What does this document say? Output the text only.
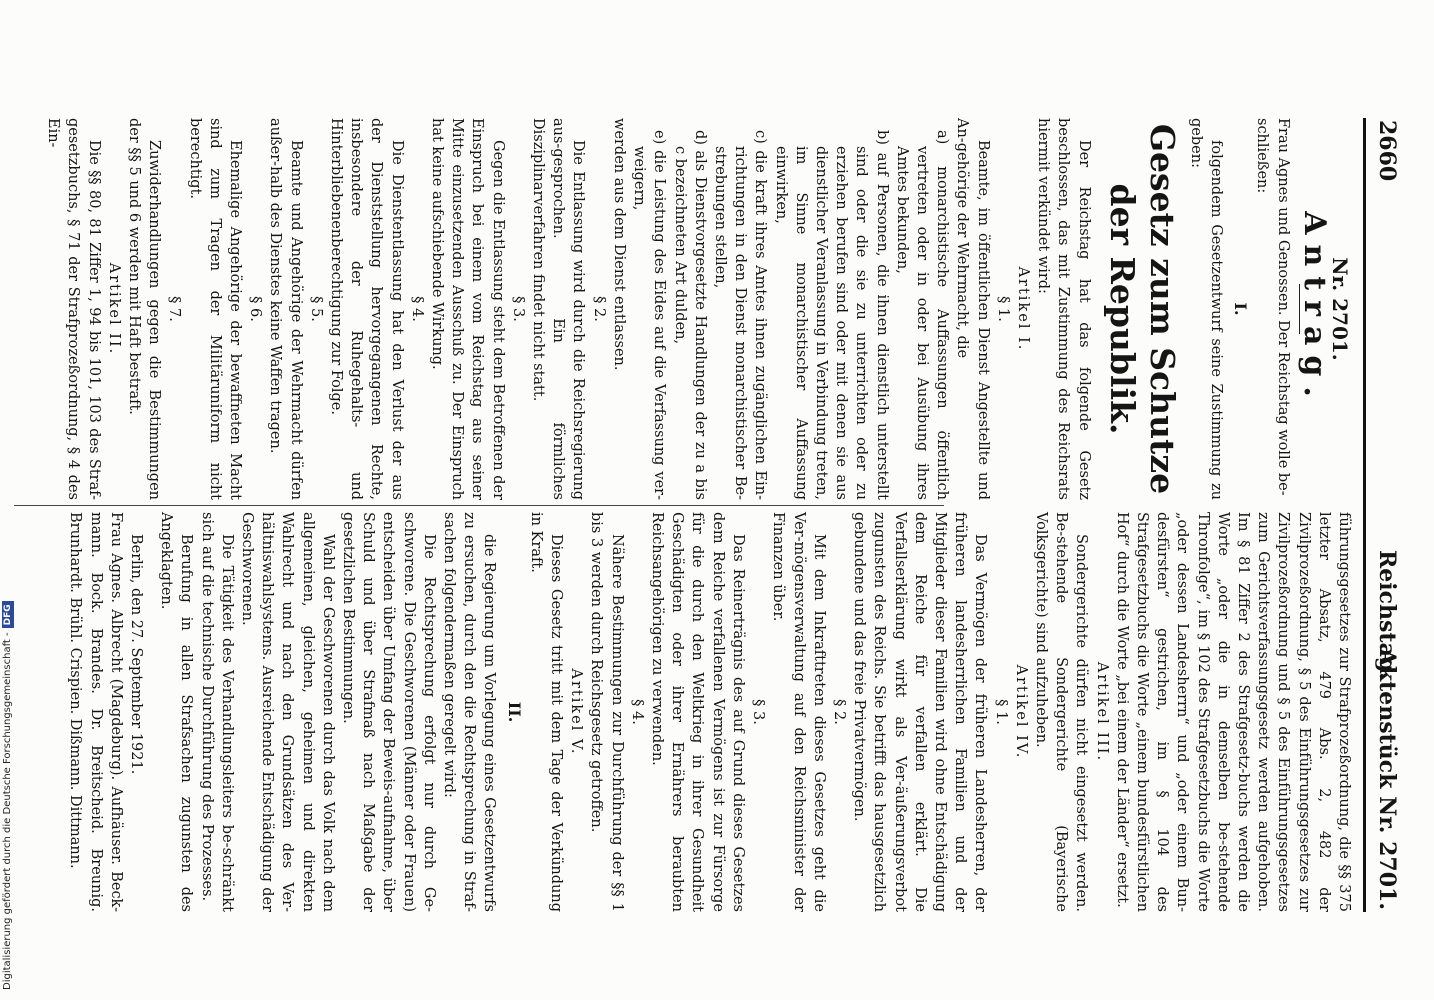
2660
Reichstag.
Aktenstück Nr. 2701.
Nr. 2701.
Antrag.

Frau Agnes und Genossen. Der Reichstag wolle be-

schließen:

I.

folgendem Gesetzentwurf seine Zustimmung zu geben:

Gesetz zum Schutze der Republik.

Der Reichstag hat das folgende Gesetz beschlossen, das mit Zustimmung des Reichsrats hiermit verkündet wird:

Artikel I.

§ 1.

Beamte, im öffentlichen Dienst Angestellte und An-gehörige der Wehrmacht, die

a) monarchistische Auffassungen öffentlich vertreten oder in oder bei Ausübung ihres Amtes bekunden,

b) auf Personen, die ihnen dienstlich unterstellt sind oder die sie zu unterrichten oder zu erziehen berufen sind oder mit denen sie aus dienstlicher Veranlassung in Verbindung treten, im Sinne monarchistischer Auffassung einwirken,

c) die kraft ihres Amtes ihnen zugänglichen Ein-richtungen in den Dienst monarchistischer Be-strebungen stellen,

d) als Dienstvorgesetzte Handlungen der zu a bis c bezeichneten Art dulden,

e) die Leistung des Eides auf die Verfassung ver-weigern,

werden aus dem Dienst entlassen.

§ 2.

Die Entlassung wird durch die Reichsregierung aus-gesprochen. Ein förmliches Disziplinarverfahren findet nicht statt.

§ 3.

Gegen die Entlassung steht dem Betroffenen der Einspruch bei einem vom Reichstag aus seiner Mitte einzusetzenden Ausschuß zu. Der Einspruch hat keine aufschiebende Wirkung.

§ 4.

Die Dienstentlassung hat den Verlust der aus der Dienststellung hervorgegangenen Rechte, insbesondere der Ruhegehalts- und Hinterbliebenenberechtigung zur Folge.

§ 5.

Beamte und Angehörige der Wehrmacht dürfen außer-halb des Dienstes keine Waffen tragen.

§ 6.

Ehemalige Angehörige der bewaffneten Macht sind zum Tragen der Militäruniform nicht berechtigt.

§ 7.

Zuwiderhandlungen gegen die Bestimmungen der §§ 5 und 6 werden mit Haft bestraft.

Artikel II.

Die §§ 80, 81 Ziffer 1, 94 bis 101, 103 des Straf-gesetzbuchs, § 71 der Strafprozeßordnung, § 4 des Ein-

führungsgesetzes zur Strafprozeßordnung, die §§ 375 letzter Absatz, 479 Abs. 2, 482 der Zivilprozeßordnung, § 5 des Einführungsgesetzes zur Zivilprozeßordnung und § 5 des Einführungsgesetzes zum Gerichtsverfassungsgesetz werden aufgehoben. Im § 81 Ziffer 2 des Strafgesetz-buchs werden die Worte „oder die in demselben be-stehende Thronfolge“, im § 102 des Strafgesetzbuchs die Worte „oder dessen Landesherrn“ und „oder einem Bun-desfürsten“ gestrichen, im § 104 des Strafgesetzbuchs die Worte „einem bundesfürstlichen Hof“ durch die Worte „bei einem der Länder“ ersetzt.

Artikel III.

Sondergerichte dürfen nicht eingesetzt werden. Be-stehende Sondergerichte (Bayerische Volksgerichte) sind aufzuheben.

Artikel IV.

§ 1.

Das Vermögen der früheren Landesherren, der früheren landesherrlichen Familien und der Mitglieder dieser Familien wird ohne Entschädigung dem Reiche für verfallen erklärt. Die Verfallserklärung wirkt als Ver-äußerungsverbot zugunsten des Reichs. Sie betrifft das hausgesetzlich gebundene und das freie Privatvermögen.

§ 2.

Mit dem Inkrafttreten dieses Gesetzes geht die Ver-mögensverwaltung auf den Reichsminister der Finanzen über.

§ 3.

Das Reinerträgnis des auf Grund dieses Gesetzes dem Reiche verfallenen Vermögens ist zur Fürsorge für die durch den Weltkrieg in ihrer Gesundheit Geschädigten oder ihrer Ernährers beraubten Reichsangehörigen zu verwenden.

§ 4.

Nähere Bestimmungen zur Durchführung der §§ 1 bis 3 werden durch Reichsgesetz getroffen.

Artikel V.

Dieses Gesetz tritt mit dem Tage der Verkündung in Kraft.

II.

die Regierung um Vorlegung eines Gesetzentwurfs zu ersuchen, durch den die Rechtsprechung in Straf-sachen folgendermaßen geregelt wird:

Die Rechtsprechung erfolgt nur durch Ge-schworene. Die Geschworenen (Männer oder Frauen) entscheiden über Umfang der Beweis-aufnahme, über Schuld und über Strafmaß nach Maßgabe der gesetzlichen Bestimmungen.

Wahl der Geschworenen durch das Volk nach dem allgemeinen, gleichen, geheimen und direkten Wahlrecht und nach den Grundsätzen des Ver-hältniswahlsystems. Ausreichende Entschädigung der Geschworenen.

Die Tätigkeit des Verhandlungsleiters be-schränkt sich auf die technische Durchführung des Prozesses.

Berufung in allen Strafsachen zugunsten des Angeklagten.

Berlin, den 27. September 1921.

Frau Agnes. Albrecht (Magdeburg). Aufhäuser. Beck-mann. Bock. Brandes. Dr. Breitscheid. Breunig. Brunhardt. Brühl. Crispien. Dißmann. Dittmann.

Digitalisierung gefördert durch die Deutsche Forschungsgemeinschaft -DFG
